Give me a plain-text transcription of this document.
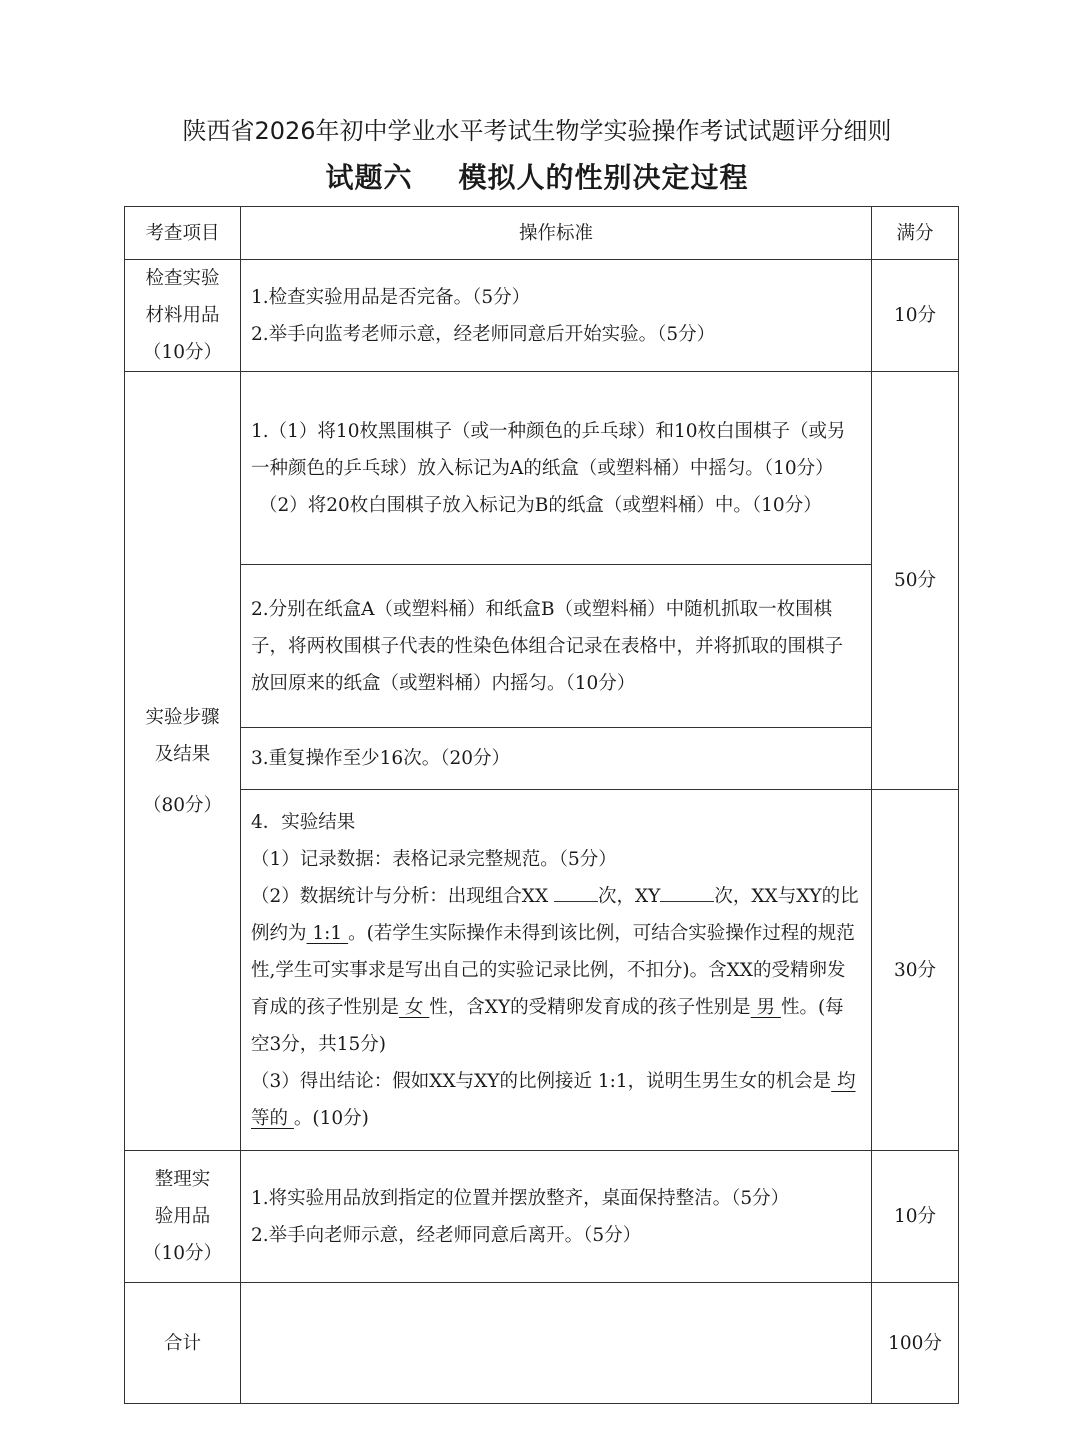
陕西省2026年初中学业水平考试生物学实验操作考试试题评分细则
试题六 模拟人的性别决定过程
考查项目	操作标准	满分

检查实验
材料用品
（10分）	1.检查实验用品是否完备。（5分）
2.举手向监考老师示意，经老师同意后开始实验。（5分）	10分

实验步骤
及结果
（80分）	1.（1）将10枚黑围棋子（或一种颜色的乒乓球）和10枚白围棋子（或另一种颜色的乒乓球）放入标记为A的纸盒（或塑料桶）中摇匀。（10分）
（2）将20枚白围棋子放入标记为B的纸盒（或塑料桶）中。（10分）	50分
	2.分别在纸盒A（或塑料桶）和纸盒B（或塑料桶）中随机抓取一枚围棋子，将两枚围棋子代表的性染色体组合记录在表格中，并将抓取的围棋子放回原来的纸盒（或塑料桶）内摇匀。（10分）	
	3.重复操作至少16次。（20分）	

	4．实验结果
（1）记录数据：表格记录完整规范。（5分）
（2）数据统计与分析：出现组合XX 次，XY 次，XX与XY的比例约为 1:1 。(若学生实际操作未得到该比例，可结合实验操作过程的规范性,学生可实事求是写出自己的实验记录比例，不扣分)。含XX的受精卵发育成的孩子性别是 女 性，含XY的受精卵发育成的孩子性别是 男 性。(每空3分，共15分)
（3）得出结论：假如XX与XY的比例接近 1:1，说明生男生女的机会是 均等的 。(10分)	30分

整理实
验用品
（10分）	1.将实验用品放到指定的位置并摆放整齐，桌面保持整洁。（5分）
2.举手向老师示意，经老师同意后离开。（5分）	10分
合计		100分
